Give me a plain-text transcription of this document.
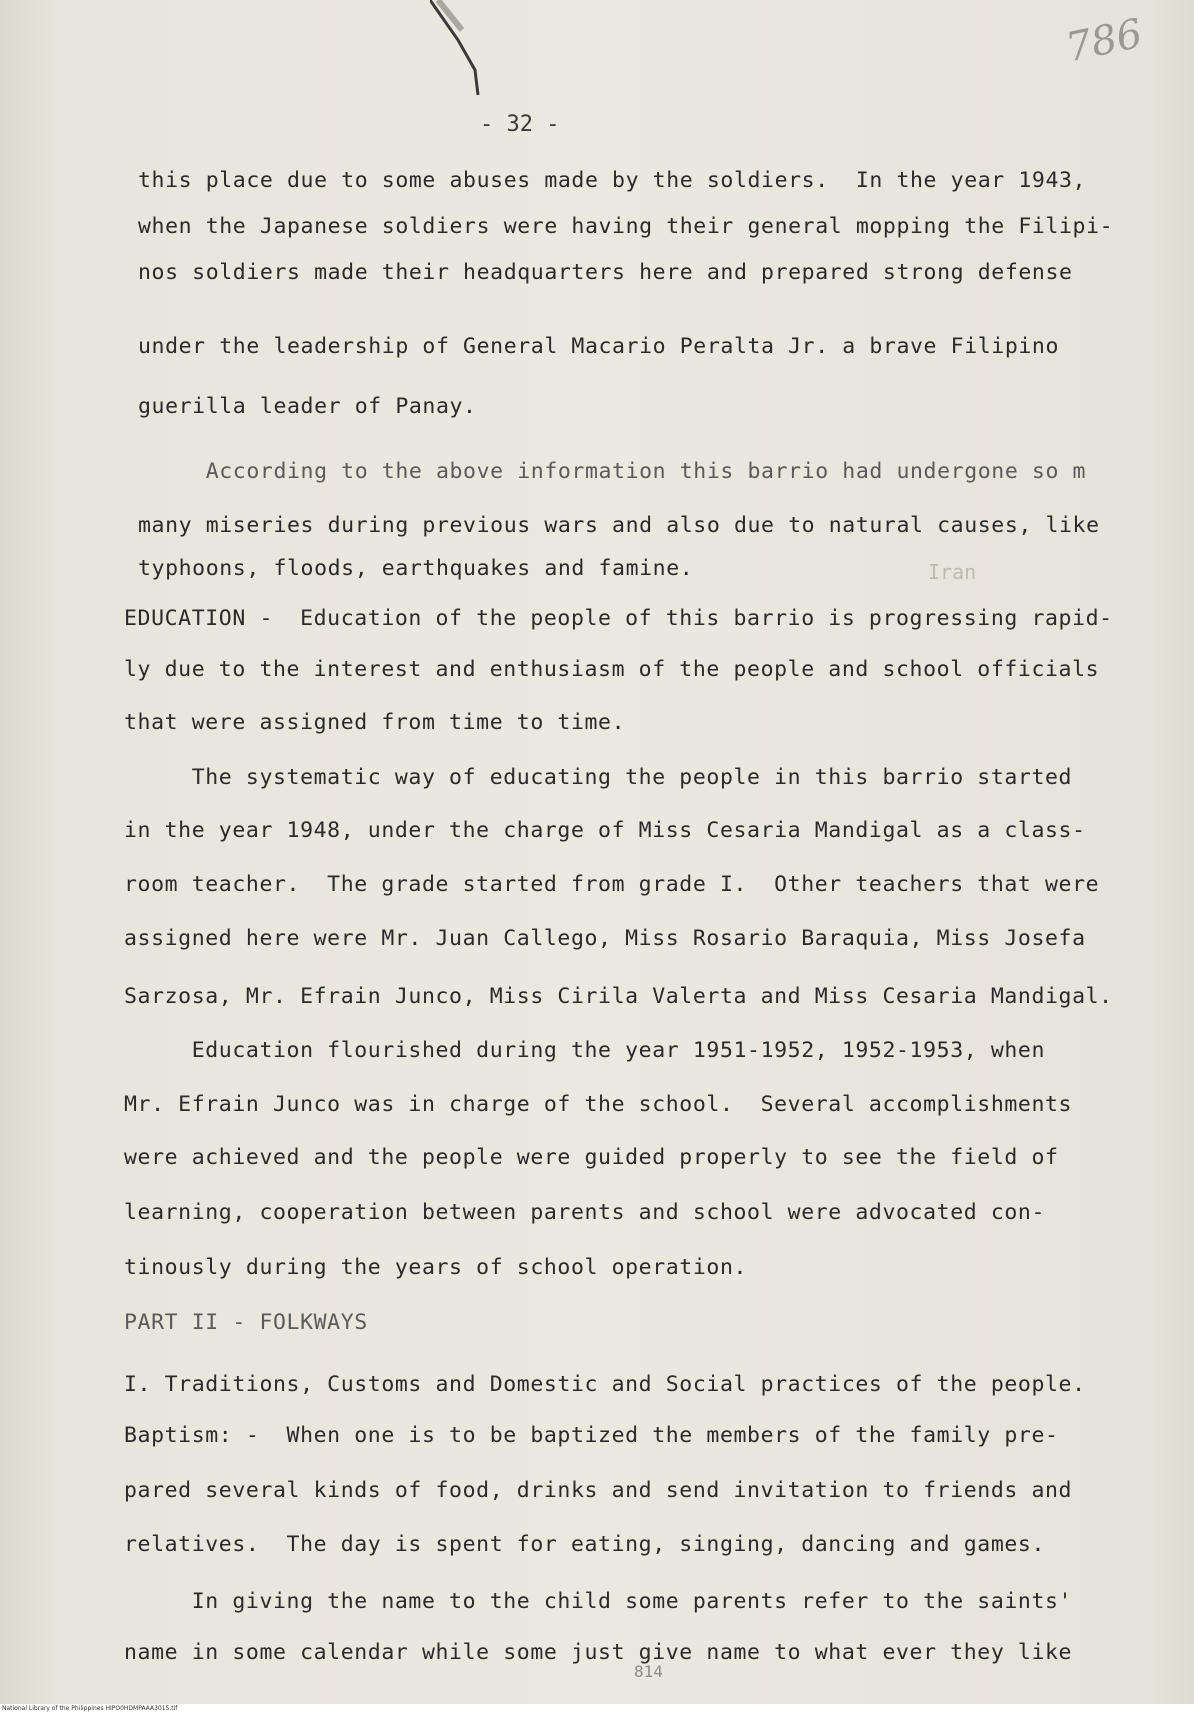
786
- 32 -
Iran
this place due to some abuses made by the soldiers.  In the year 1943,
when the Japanese soldiers were having their general mopping the Filipi-
nos soldiers made their headquarters here and prepared strong defense
under the leadership of General Macario Peralta Jr. a brave Filipino
guerilla leader of Panay.
According to the above information this barrio had undergone so m
many miseries during previous wars and also due to natural causes, like
typhoons, floods, earthquakes and famine.
EDUCATION -  Education of the people of this barrio is progressing rapid-
ly due to the interest and enthusiasm of the people and school officials
that were assigned from time to time.
The systematic way of educating the people in this barrio started
in the year 1948, under the charge of Miss Cesaria Mandigal as a class-
room teacher.  The grade started from grade I.  Other teachers that were
assigned here were Mr. Juan Callego, Miss Rosario Baraquia, Miss Josefa
Sarzosa, Mr. Efrain Junco, Miss Cirila Valerta and Miss Cesaria Mandigal.
Education flourished during the year 1951-1952, 1952-1953, when
Mr. Efrain Junco was in charge of the school.  Several accomplishments
were achieved and the people were guided properly to see the field of
learning, cooperation between parents and school were advocated con-
tinously during the years of school operation.
PART II - FOLKWAYS
I. Traditions, Customs and Domestic and Social practices of the people.
Baptism: -  When one is to be baptized the members of the family pre-
pared several kinds of food, drinks and send invitation to friends and
relatives.  The day is spent for eating, singing, dancing and games.
In giving the name to the child some parents refer to the saints'
name in some calendar while some just give name to what ever they like
814
National Library of the Philippines HIPO0HDMPAAA3015.tif
